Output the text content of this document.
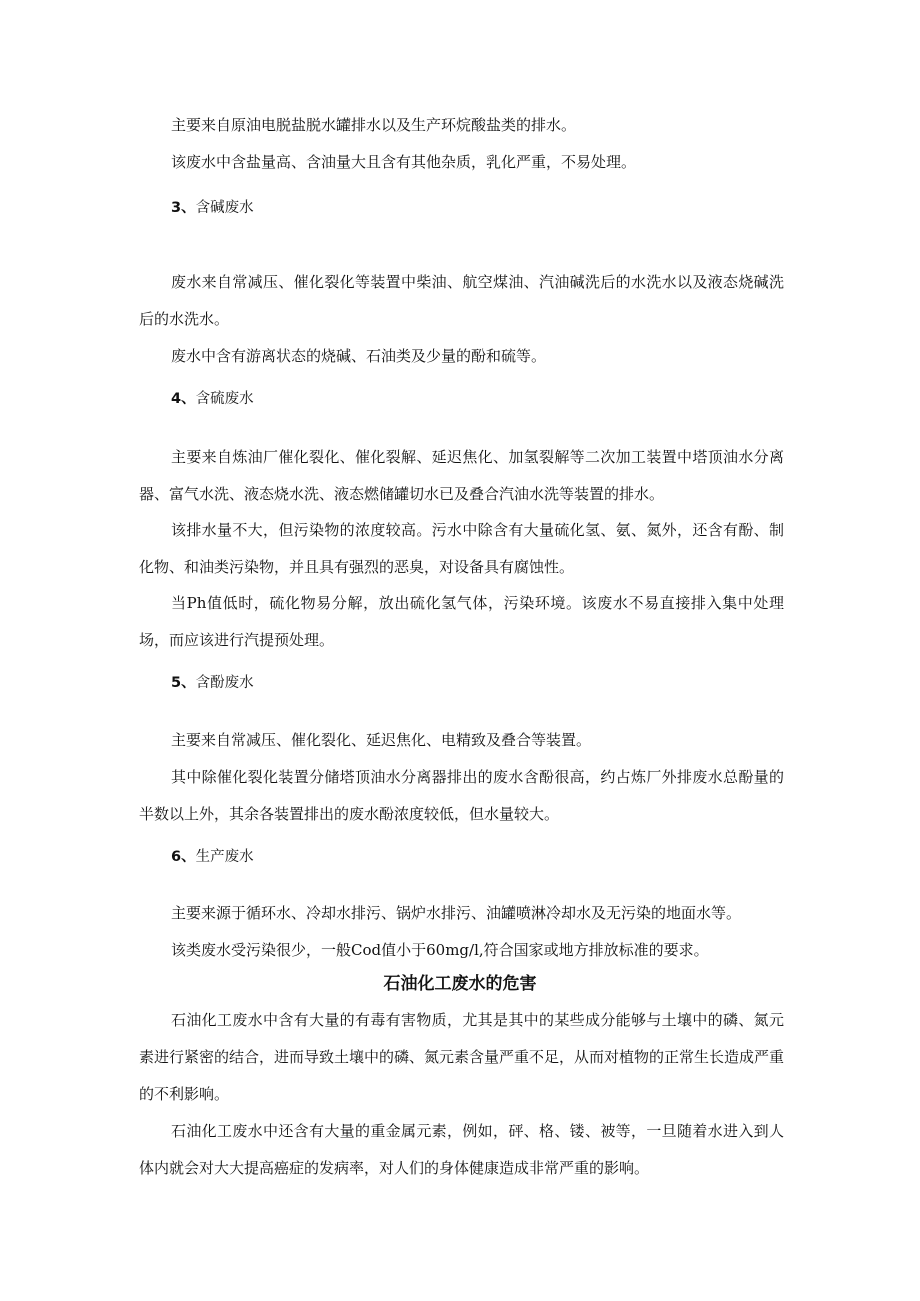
主要来自原油电脱盐脱水罐排水以及生产环烷酸盐类的排水。

该废水中含盐量高、含油量大且含有其他杂质，乳化严重，不易处理。

3、含碱废水

废水来自常减压、催化裂化等装置中柴油、航空煤油、汽油碱洗后的水洗水以及液态烧碱洗后的水洗水。

废水中含有游离状态的烧碱、石油类及少量的酚和硫等。

4、含硫废水

主要来自炼油厂催化裂化、催化裂解、延迟焦化、加氢裂解等二次加工装置中塔顶油水分离器、富气水洗、液态烧水洗、液态燃储罐切水已及叠合汽油水洗等装置的排水。

该排水量不大，但污染物的浓度较高。污水中除含有大量硫化氢、氨、氮外，还含有酚、制化物、和油类污染物，并且具有强烈的恶臭，对设备具有腐蚀性。

当Ph值低时，硫化物易分解，放出硫化氢气体，污染环境。该废水不易直接排入集中处理场，而应该进行汽提预处理。

5、含酚废水

主要来自常减压、催化裂化、延迟焦化、电精致及叠合等装置。

其中除催化裂化装置分储塔顶油水分离器排出的废水含酚很高，约占炼厂外排废水总酚量的半数以上外，其余各装置排出的废水酚浓度较低，但水量较大。

6、生产废水

主要来源于循环水、冷却水排污、锅炉水排污、油罐喷淋冷却水及无污染的地面水等。

该类废水受污染很少，一般Cod值小于60mg/l,符合国家或地方排放标准的要求。

石油化工废水的危害

石油化工废水中含有大量的有毒有害物质，尤其是其中的某些成分能够与土壤中的磷、氮元素进行紧密的结合，进而导致土壤中的磷、氮元素含量严重不足，从而对植物的正常生长造成严重的不利影响。

石油化工废水中还含有大量的重金属元素，例如，砰、格、镂、被等，一旦随着水进入到人体内就会对大大提高癌症的发病率，对人们的身体健康造成非常严重的影响。
